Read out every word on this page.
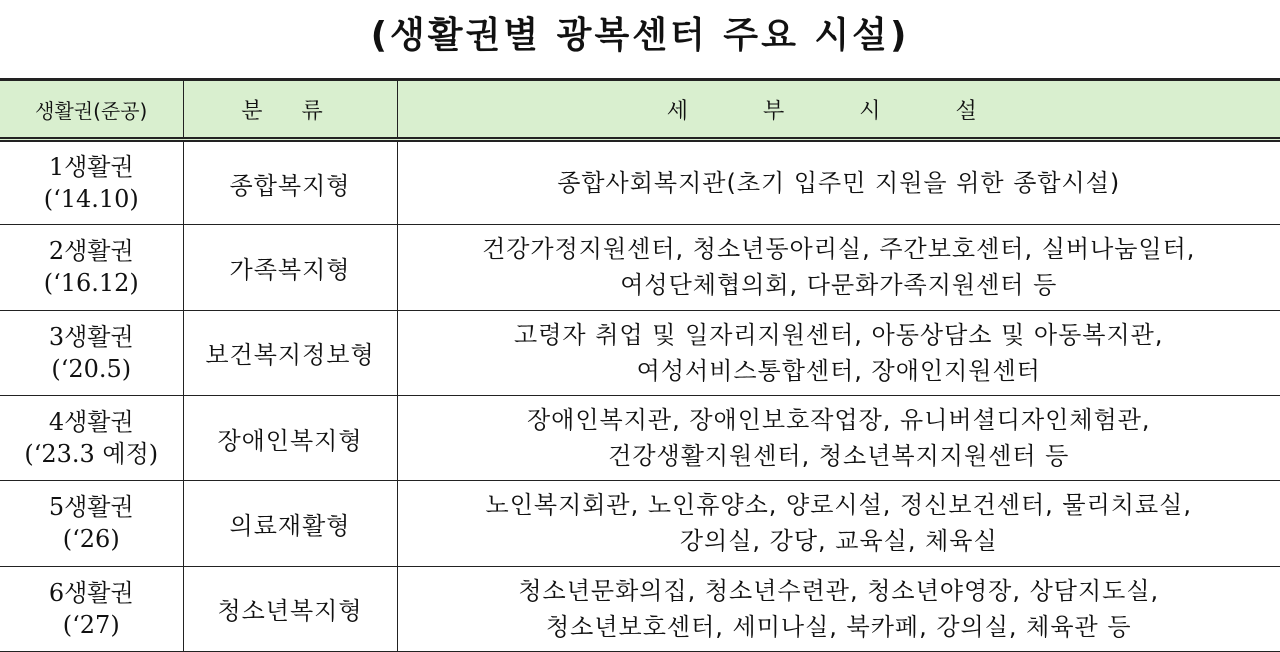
(생활권별 광복센터 주요 시설)
생활권(준공)	분 류	세 부 시 설

1생활권
(‘14.10)	종합복지형	종합사회복지관(초기 입주민 지원을 위한 종합시설)

2생활권
(‘16.12)	가족복지형	건강가정지원센터, 청소년동아리실, 주간보호센터, 실버나눔일터,
여성단체협의회, 다문화가족지원센터 등

3생활권
(‘20.5)	보건복지정보형	고령자 취업 및 일자리지원센터, 아동상담소 및 아동복지관,
여성서비스통합센터, 장애인지원센터

4생활권
(‘23.3 예정)	장애인복지형	장애인복지관, 장애인보호작업장, 유니버셜디자인체험관,
건강생활지원센터, 청소년복지지원센터 등

5생활권
(‘26)	의료재활형	노인복지회관, 노인휴양소, 양로시설, 정신보건센터, 물리치료실,
강의실, 강당, 교육실, 체육실

6생활권
(‘27)	청소년복지형	청소년문화의집, 청소년수련관, 청소년야영장, 상담지도실,
청소년보호센터, 세미나실, 북카페, 강의실, 체육관 등
